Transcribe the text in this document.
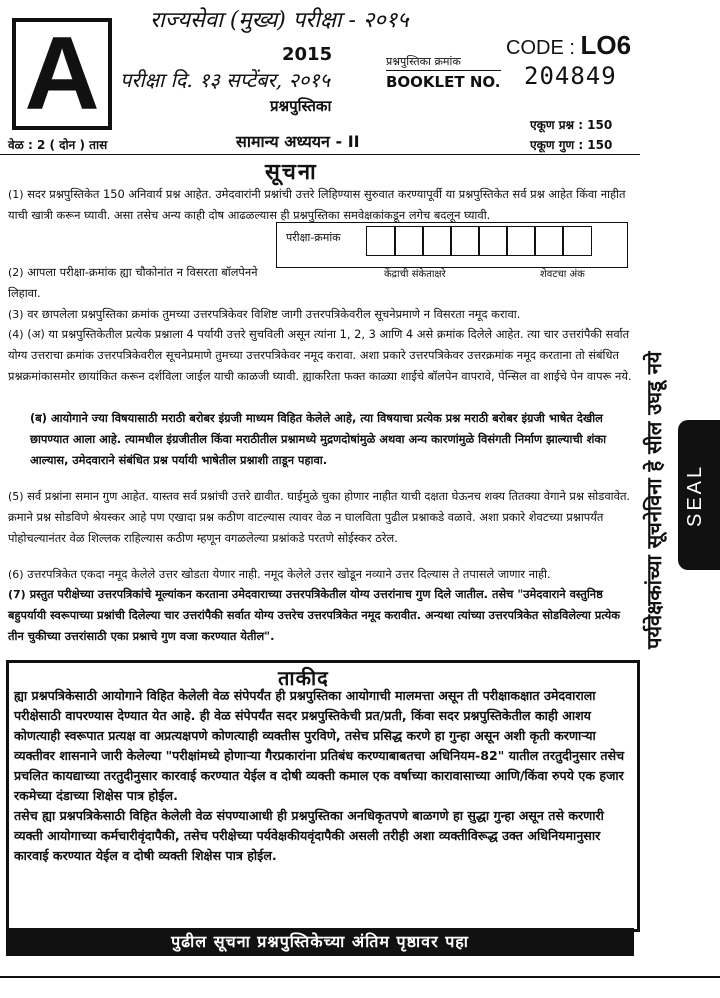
राज्यसेवा (मुख्य) परीक्षा - २०१५
परीक्षा दि. १३ सप्टेंबर, २०१५
A	2015
प्रश्नपुस्तिका
CODE : LO6
प्रश्नपुस्तिका क्रमांक
BOOKLET NO. 204849
सामान्य अध्ययन - II
वेळ : 2 ( दोन ) तास
एकूण प्रश्न : 150
एकूण गुण : 150
सूचना
(1) सदर प्रश्नपुस्तिकेत 150 अनिवार्य प्रश्न आहेत. उमेदवारांनी प्रश्नांची उत्तरे लिहिण्यास सुरुवात करण्यापूर्वी या प्रश्नपुस्तिकेत सर्व प्रश्न आहेत किंवा नाहीत याची खात्री करून घ्यावी. असा तसेच अन्य काही दोष आढळल्यास ही प्रश्नपुस्तिका समवेक्षकांकडून लगेच बदलून घ्यावी.
परीक्षा-क्रमांक
केंद्राची संकेताक्षरे	शेवटचा अंक
(2) आपला परीक्षा-क्रमांक ह्या चौकोनांत न विसरता बॉलपेनने लिहावा.
(3) वर छापलेला प्रश्नपुस्तिका क्रमांक तुमच्या उत्तरपत्रिकेवर विशिष्ट जागी उत्तरपत्रिकेवरील सूचनेप्रमाणे न विसरता नमूद करावा.
(4) (अ) या प्रश्नपुस्तिकेतील प्रत्येक प्रश्नाला 4 पर्यायी उत्तरे सुचविली असून त्यांना 1, 2, 3 आणि 4 असे क्रमांक दिलेले आहेत. त्या चार उत्तरांपैकी सर्वात योग्य उत्तराचा क्रमांक उत्तरपत्रिकेवरील सूचनेप्रमाणे तुमच्या उत्तरपत्रिकेवर नमूद करावा. अशा प्रकारे उत्तरपत्रिकेवर उत्तरक्रमांक नमूद करताना तो संबंधित प्रश्नक्रमांकासमोर छायांकित करून दर्शविला जाईल याची काळजी घ्यावी. ह्याकरिता फक्त काळ्या शाईचे बॉलपेन वापरावे, पेन्सिल वा शाईचे पेन वापरू नये.
(ब) आयोगाने ज्या विषयासाठी मराठी बरोबर इंग्रजी माध्यम विहित केलेले आहे, त्या विषयाचा प्रत्येक प्रश्न मराठी बरोबर इंग्रजी भाषेत देखील छापण्यात आला आहे. त्यामधील इंग्रजीतील किंवा मराठीतील प्रश्नामध्ये मुद्रणदोषांमुळे अथवा अन्य कारणांमुळे विसंगती निर्माण झाल्याची शंका आल्यास, उमेदवाराने संबंधित प्रश्न पर्यायी भाषेतील प्रश्नाशी ताडून पहावा.
(5) सर्व प्रश्नांना समान गुण आहेत. यास्तव सर्व प्रश्नांची उत्तरे द्यावीत. घाईमुळे चुका होणार नाहीत याची दक्षता घेऊनच शक्य तितक्या वेगाने प्रश्न सोडवावेत. क्रमाने प्रश्न सोडविणे श्रेयस्कर आहे पण एखादा प्रश्न कठीण वाटल्यास त्यावर वेळ न घालविता पुढील प्रश्नाकडे वळावे. अशा प्रकारे शेवटच्या प्रश्नापर्यंत पोहोचल्यानंतर वेळ शिल्लक राहिल्यास कठीण म्हणून वगळलेल्या प्रश्नांकडे परतणे सोईस्कर ठरेल.
(6) उत्तरपत्रिकेत एकदा नमूद केलेले उत्तर खोडता येणार नाही. नमूद केलेले उत्तर खोडून नव्याने उत्तर दिल्यास ते तपासले जाणार नाही.
(7) प्रस्तुत परीक्षेच्या उत्तरपत्रिकांचे मूल्यांकन करताना उमेदवाराच्या उत्तरपत्रिकेतील योग्य उत्तरांनाच गुण दिले जातील. तसेच "उमेदवाराने वस्तुनिष्ठ बहुपर्यायी स्वरूपाच्या प्रश्नांची दिलेल्या चार उत्तरांपैकी सर्वात योग्य उत्तरेच उत्तरपत्रिकेत नमूद करावीत. अन्यथा त्यांच्या उत्तरपत्रिकेत सोडविलेल्या प्रत्येक तीन चुकीच्या उत्तरांसाठी एका प्रश्नाचे गुण वजा करण्यात येतील".
ताकीद
ह्या प्रश्नपत्रिकेसाठी आयोगाने विहित केलेली वेळ संपेपर्यंत ही प्रश्नपुस्तिका आयोगाची मालमत्ता असून ती परीक्षाकक्षात उमेदवाराला परीक्षेसाठी वापरण्यास देण्यात येत आहे. ही वेळ संपेपर्यंत सदर प्रश्नपुस्तिकेची प्रत/प्रती, किंवा सदर प्रश्नपुस्तिकेतील काही आशय कोणत्याही स्वरूपात प्रत्यक्ष वा अप्रत्यक्षपणे कोणत्याही व्यक्तीस पुरविणे, तसेच प्रसिद्ध करणे हा गुन्हा असून अशी कृती करणाऱ्या व्यक्तीवर शासनाने जारी केलेल्या "परीक्षांमध्ये होणाऱ्या गैरप्रकारांना प्रतिबंध करण्याबाबतचा अधिनियम-82" यातील तरतुदीनुसार तसेच प्रचलित कायद्याच्या तरतुदीनुसार कारवाई करण्यात येईल व दोषी व्यक्ती कमाल एक वर्षाच्या कारावासाच्या आणि/किंवा रुपये एक हजार रकमेच्या दंडाच्या शिक्षेस पात्र होईल.
तसेच ह्या प्रश्नपत्रिकेसाठी विहित केलेली वेळ संपण्याआधी ही प्रश्नपुस्तिका अनधिकृतपणे बाळगणे हा सुद्धा गुन्हा असून तसे करणारी व्यक्ती आयोगाच्या कर्मचारीवृंदापैकी, तसेच परीक्षेच्या पर्यवेक्षकीयवृंदापैकी असली तरीही अशा व्यक्तीविरूद्ध उक्त अधिनियमानुसार कारवाई करण्यात येईल व दोषी व्यक्ती शिक्षेस पात्र होईल.
पुढील सूचना प्रश्नपुस्तिकेच्या अंतिम पृष्ठावर पहा
पर्यवेक्षकांच्या सूचनेविना हे सील उघडू नये SEAL
